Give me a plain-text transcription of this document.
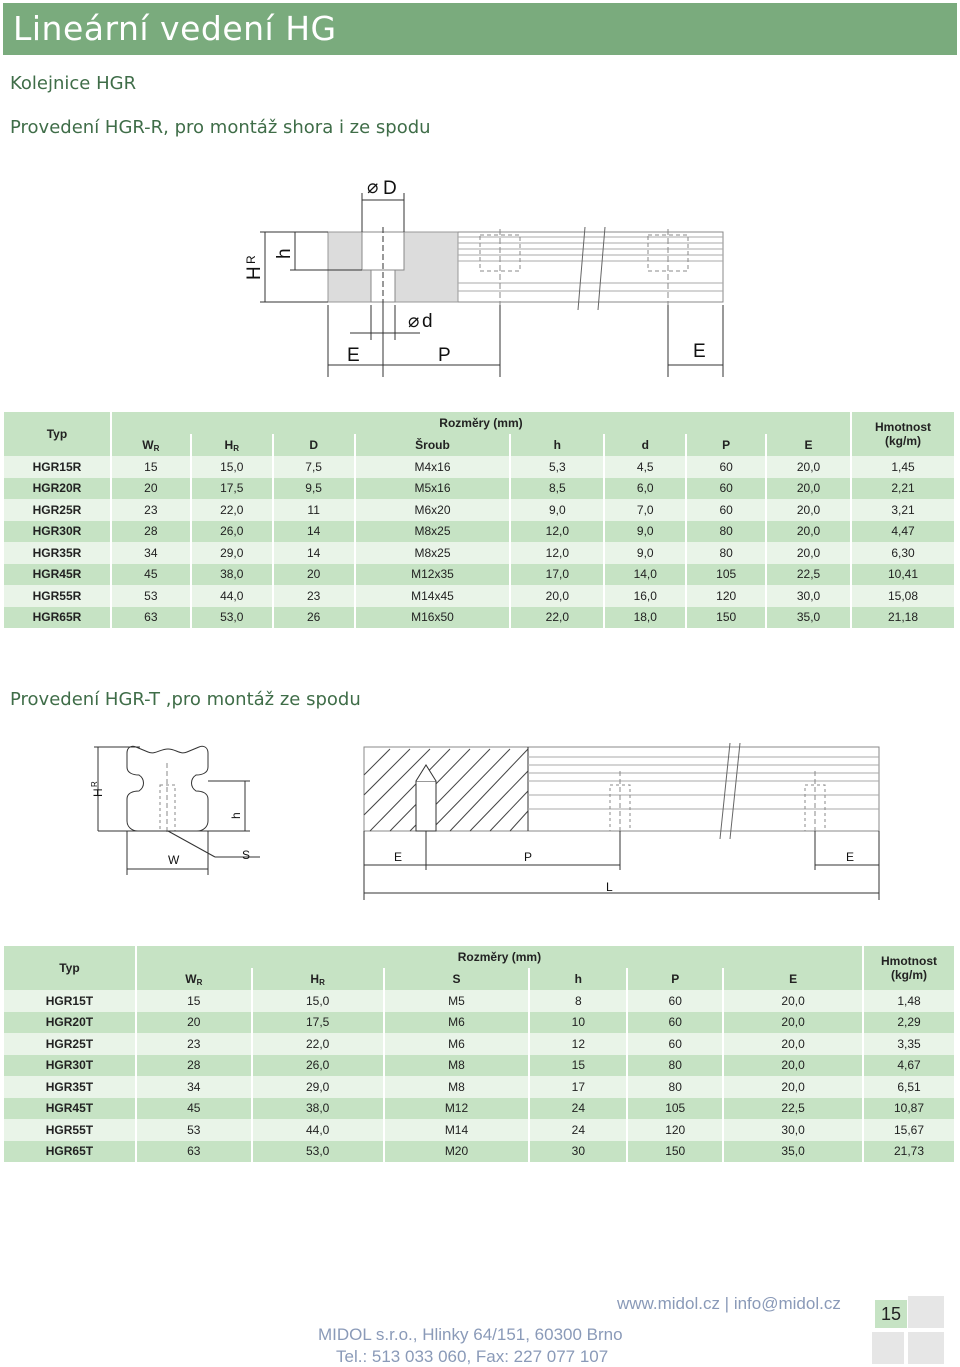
Lineární vedení HG
Kolejnice HGR
Provedení HGR-R, pro montáž shora i ze spodu
⌀ D
⌀ d
H
R
h
E	P	E
Typ	Rozměry (mm)								Hmotnost
(kg/m)
	$W_R$	$H_R$	D	Šroub	h	d	P	E	
HGR15R	15	15,0	7,5	M4x16	5,3	4,5	60	20,0	1,45
HGR20R	20	17,5	9,5	M5x16	8,5	6,0	60	20,0	2,21
HGR25R	23	22,0	11	M6x20	9,0	7,0	60	20,0	3,21
HGR30R	28	26,0	14	M8x25	12,0	9,0	80	20,0	4,47
HGR35R	34	29,0	14	M8x25	12,0	9,0	80	20,0	6,30
HGR45R	45	38,0	20	M12x35	17,0	14,0	105	22,5	10,41
HGR55R	53	44,0	23	M14x45	20,0	16,0	120	30,0	15,08
HGR65R	63	53,0	26	M16x50	22,0	18,0	150	35,0	21,18
Provedení HGR-T ,pro montáž ze spodu
H
R
h
W	S	E	P	E
L
Typ	Rozměry (mm)						Hmotnost (kg/m)
	$W_R$	$H_R$	S	h	P	E	
HGR15T	15	15,0	M5	8	60	20,0	1,48
HGR20T	20	17,5	M6	10	60	20,0	2,29
HGR25T	23	22,0	M6	12	60	20,0	3,35
HGR30T	28	26,0	M8	15	80	20,0	4,67
HGR35T	34	29,0	M8	17	80	20,0	6,51
HGR45T	45	38,0	M12	24	105	22,5	10,87
HGR55T	53	44,0	M14	24	120	30,0	15,67
HGR65T	63	53,0	M20	30	150	35,0	21,73
www.midol.cz | info@midol.cz
MIDOL s.r.o., Hlinky 64/151, 60300 Brno
Tel.: 513 033 060, Fax: 227 077 107
15
